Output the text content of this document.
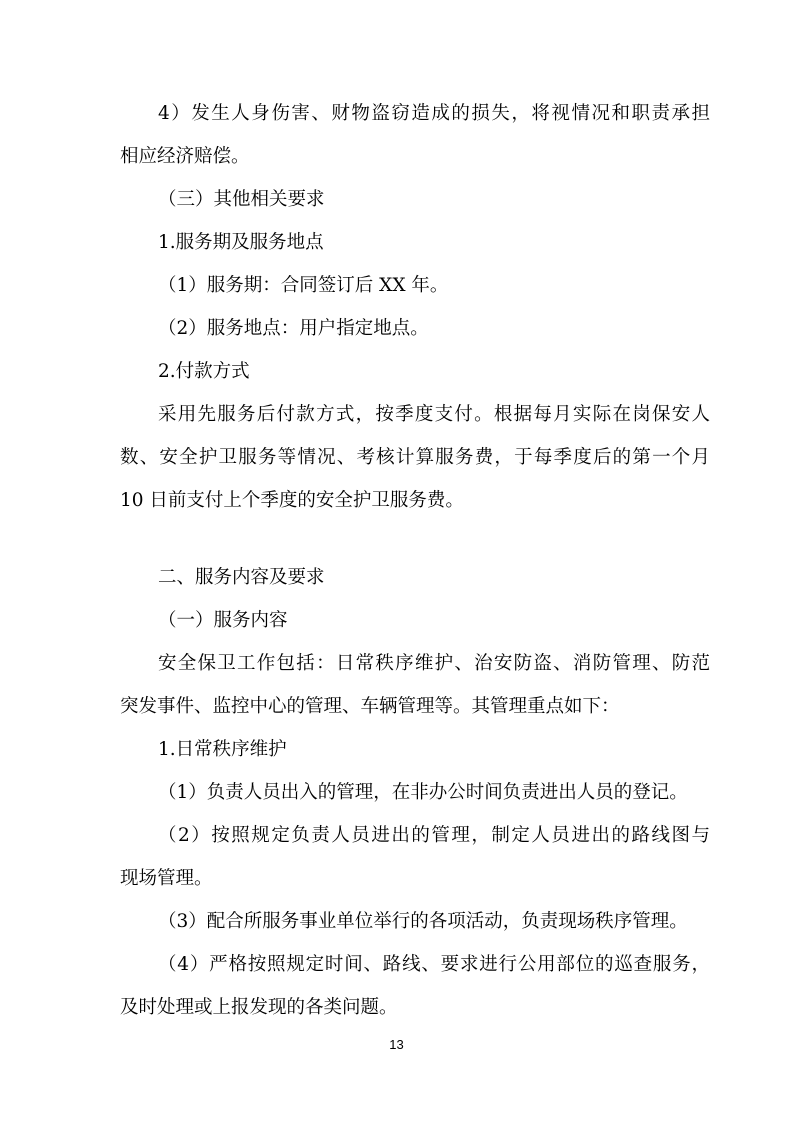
4）发生人身伤害、财物盗窃造成的损失，将视情况和职责承担
相应经济赔偿。
（三）其他相关要求
1.服务期及服务地点
（1）服务期：合同签订后 XX 年。
（2）服务地点：用户指定地点。
2.付款方式
采用先服务后付款方式，按季度支付。根据每月实际在岗保安人
数、安全护卫服务等情况、考核计算服务费，于每季度后的第一个月
10 日前支付上个季度的安全护卫服务费。
二、服务内容及要求
（一）服务内容
安全保卫工作包括：日常秩序维护、治安防盗、消防管理、防范
突发事件、监控中心的管理、车辆管理等。其管理重点如下：
1.日常秩序维护
（1）负责人员出入的管理，在非办公时间负责进出人员的登记。
（2）按照规定负责人员进出的管理，制定人员进出的路线图与
现场管理。
（3）配合所服务事业单位举行的各项活动，负责现场秩序管理。
（4）严格按照规定时间、路线、要求进行公用部位的巡查服务，
及时处理或上报发现的各类问题。
13
